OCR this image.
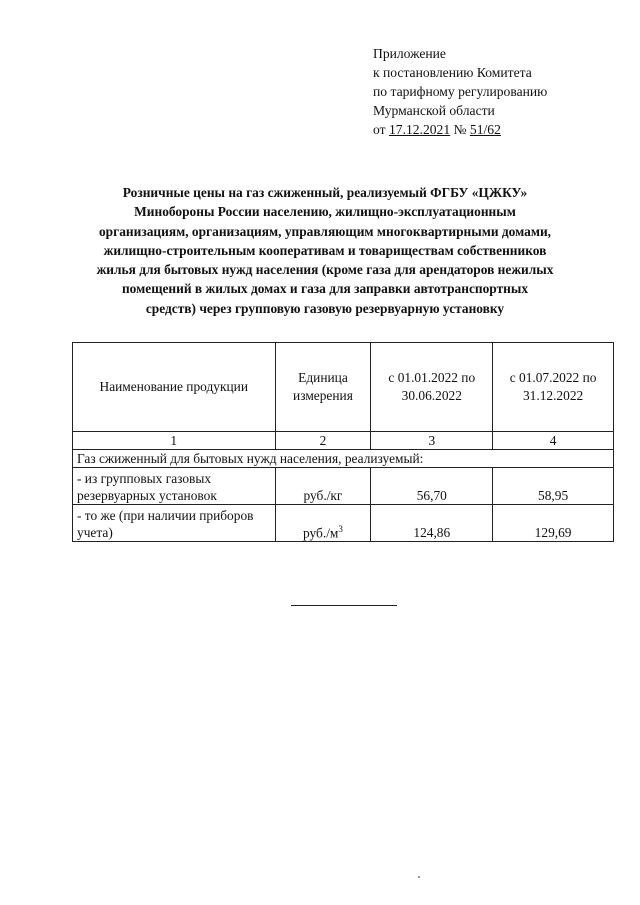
Приложение
к постановлению Комитета
по тарифному регулированию
Мурманской области
от 17.12.2021 № 51/62
Розничные цены на газ сжиженный, реализуемый ФГБУ «ЦЖКУ»
Минобороны России населению, жилищно-эксплуатационным
организациям, организациям, управляющим многоквартирными домами,
жилищно-строительным кооперативам и товариществам собственников
жилья для бытовых нужд населения (кроме газа для арендаторов нежилых
помещений в жилых домах и газа для заправки автотранспортных
средств) через групповую газовую резервуарную установку
Наименование продукции	Единица измерения	с 01.01.2022 по 30.06.2022	с 01.07.2022 по 31.12.2022
1	2	3	4
Газ сжиженный для бытовых нужд населения, реализуемый:			
- из групповых газовых резервуарных установок	руб./кг	56,70	58,95
- то же (при наличии приборов учета)	$руб./м^3$	124,86	129,69
